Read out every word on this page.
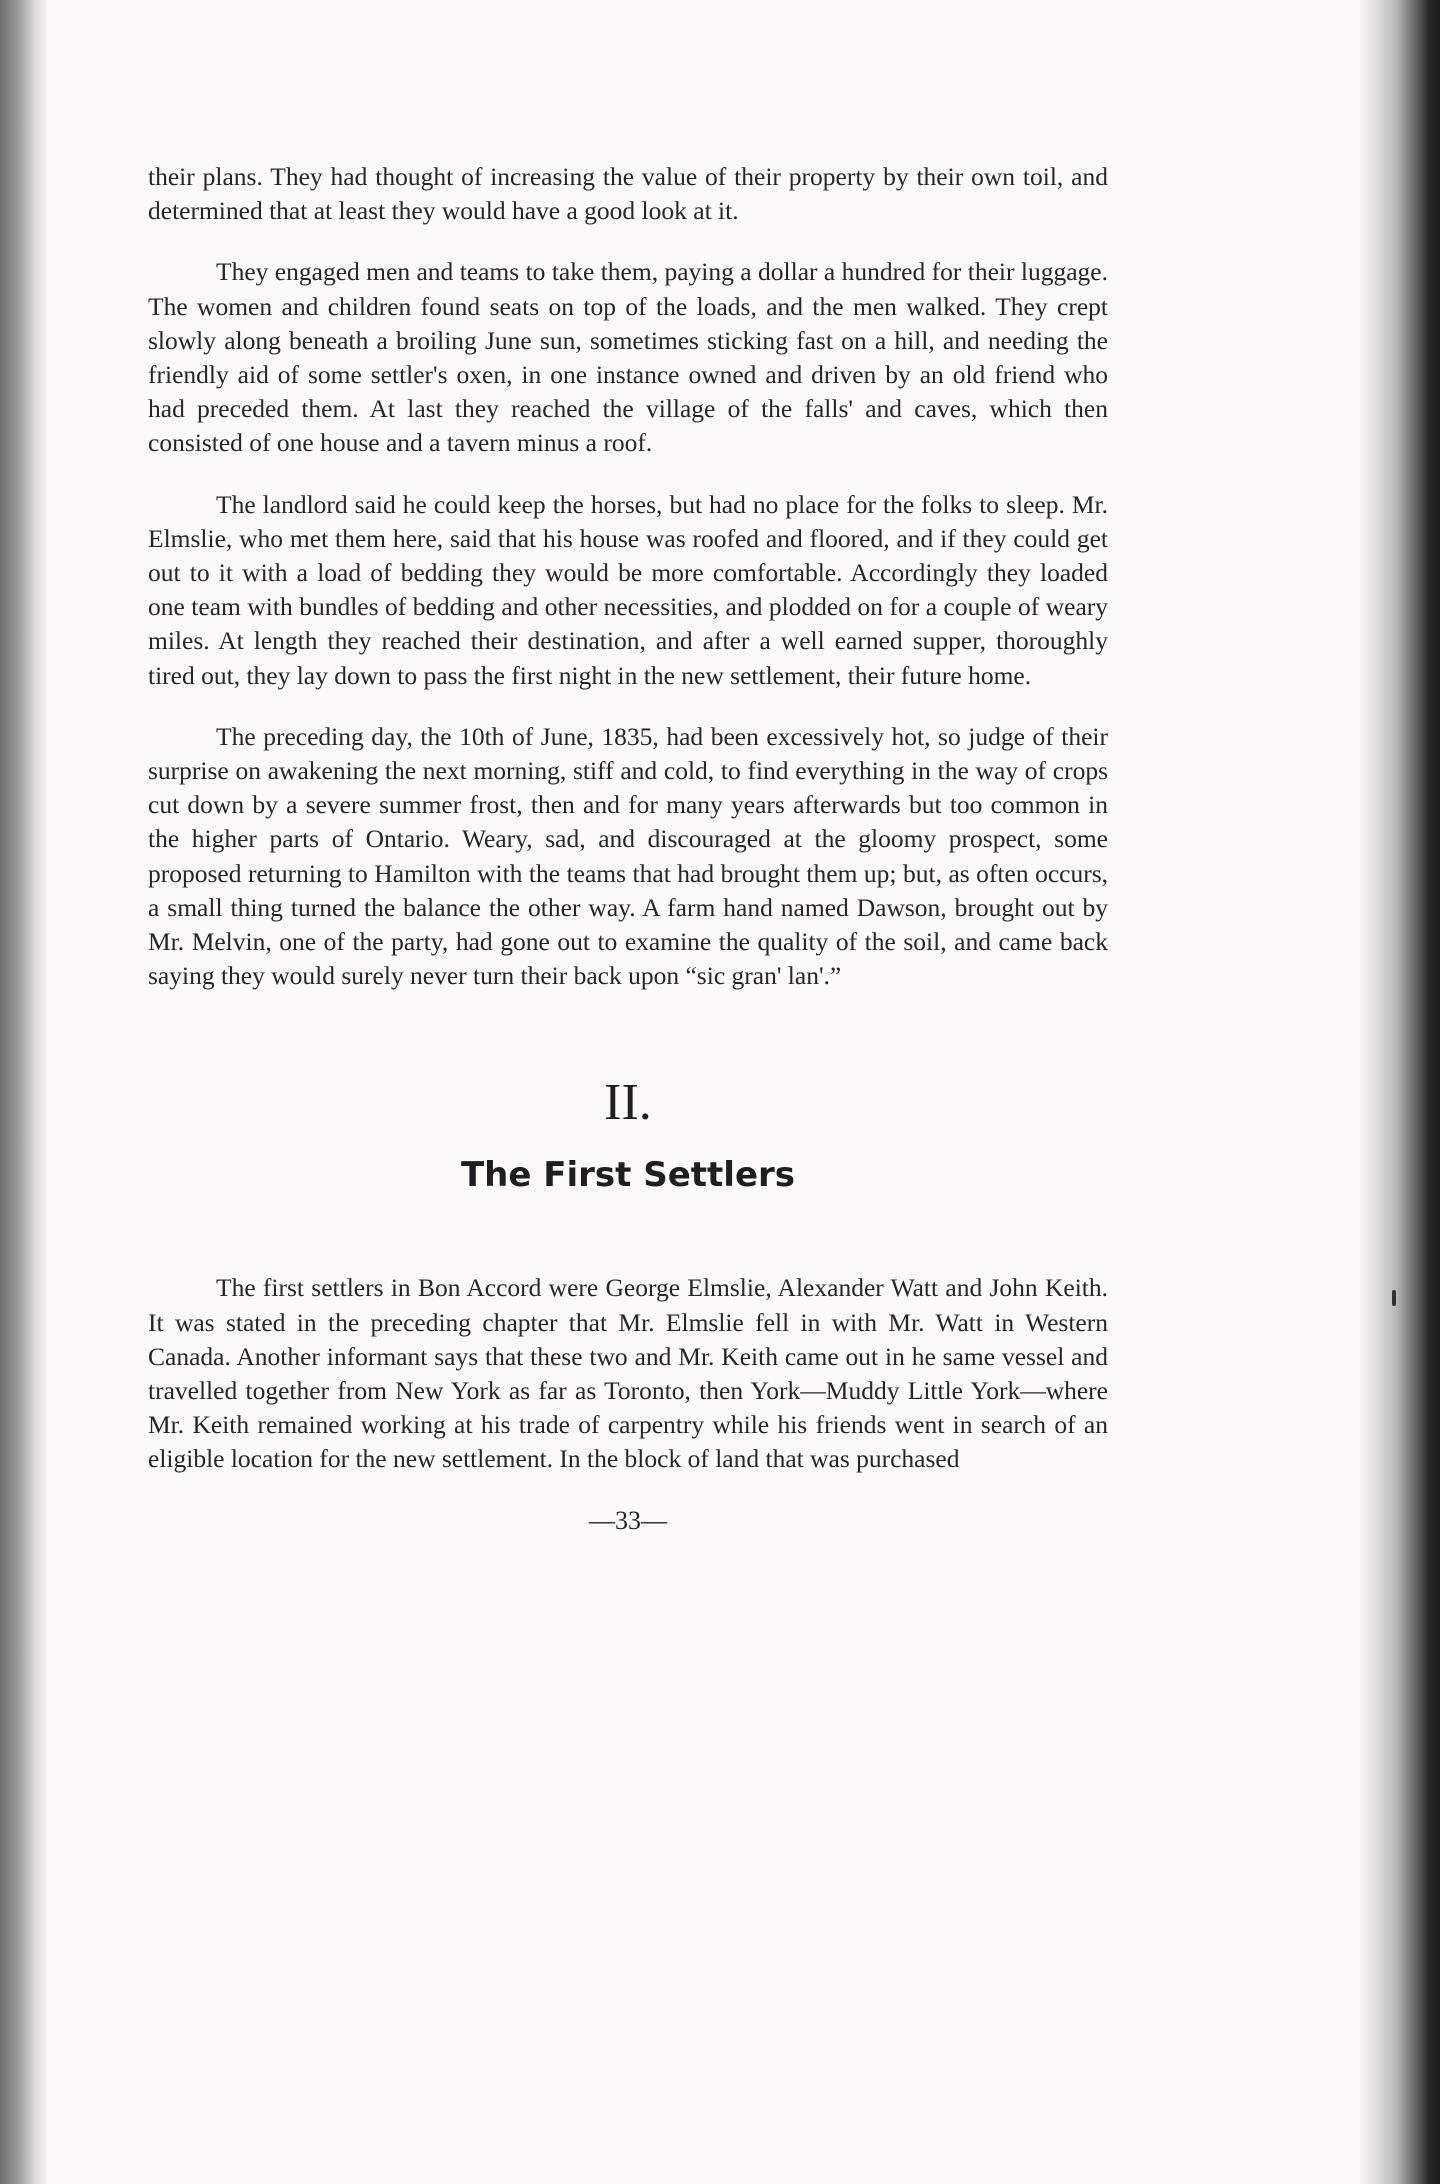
their plans. They had thought of increasing the value of their property by their own toil, and determined that at least they would have a good look at it.

They engaged men and teams to take them, paying a dollar a hundred for their luggage. The women and children found seats on top of the loads, and the men walked. They crept slowly along beneath a broiling June sun, sometimes sticking fast on a hill, and needing the friendly aid of some settler's oxen, in one instance owned and driven by an old friend who had preceded them. At last they reached the village of the falls' and caves, which then consisted of one house and a tavern minus a roof.

The landlord said he could keep the horses, but had no place for the folks to sleep. Mr. Elmslie, who met them here, said that his house was roofed and floored, and if they could get out to it with a load of bedding they would be more comfortable. Accordingly they loaded one team with bundles of bedding and other necessities, and plodded on for a couple of weary miles. At length they reached their destination, and after a well earned supper, thoroughly tired out, they lay down to pass the first night in the new settlement, their future home.

The preceding day, the 10th of June, 1835, had been excessively hot, so judge of their surprise on awakening the next morning, stiff and cold, to find everything in the way of crops cut down by a severe summer frost, then and for many years afterwards but too common in the higher parts of Ontario. Weary, sad, and discouraged at the gloomy prospect, some proposed returning to Hamilton with the teams that had brought them up; but, as often occurs, a small thing turned the balance the other way. A farm hand named Dawson, brought out by Mr. Melvin, one of the party, had gone out to examine the quality of the soil, and came back saying they would surely never turn their back upon “sic gran' lan'.”

II.
The First Settlers

The first settlers in Bon Accord were George Elmslie, Alexander Watt and John Keith. It was stated in the preceding chapter that Mr. Elmslie fell in with Mr. Watt in Western Canada. Another informant says that these two and Mr. Keith came out in he same vessel and travelled together from New York as far as Toronto, then York—Muddy Little York—where Mr. Keith remained working at his trade of carpentry while his friends went in search of an eligible location for the new settlement. In the block of land that was purchased

—33—
